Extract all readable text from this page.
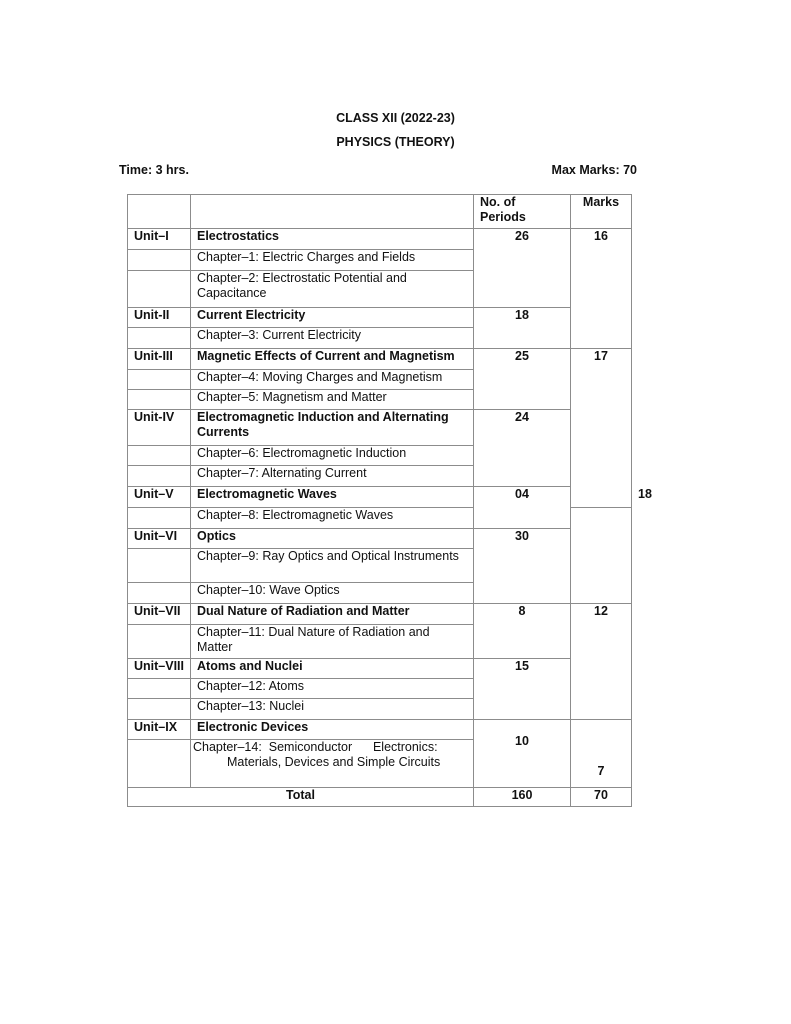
CLASS XII (2022-23)
PHYSICS (THEORY)
Time: 3 hrs.	Max Marks: 70
		No. of Periods	Marks	
Unit–I	Electrostatics	26	16	
	Chapter–1: Electric Charges and Fields			
	Chapter–2: Electrostatic Potential and Capacitance			
Unit-II	Current Electricity	18		
	Chapter–3: Current Electricity			
Unit-III	Magnetic Effects of Current and Magnetism	25	17	
	Chapter–4: Moving Charges and Magnetism			
	Chapter–5: Magnetism and Matter			
Unit-IV	Electromagnetic Induction and Alternating Currents	24		
	Chapter–6: Electromagnetic Induction			
	Chapter–7: Alternating Current			
Unit–V	Electromagnetic Waves	04		18
	Chapter–8: Electromagnetic Waves			
Unit–VI	Optics	30		
	Chapter–9: Ray Optics and Optical Instruments			
	Chapter–10: Wave Optics			
Unit–VII	Dual Nature of Radiation and Matter	8	12	
	Chapter–11: Dual Nature of Radiation and Matter			
Unit–VIII	Atoms and Nuclei	15		
	Chapter–12: Atoms			
	Chapter–13: Nuclei			
Unit–IX	Electronic Devices	10	7	
	Chapter–14:  Semiconductor      Electronics:
Materials, Devices and Simple Circuits			

Total		160	70	
